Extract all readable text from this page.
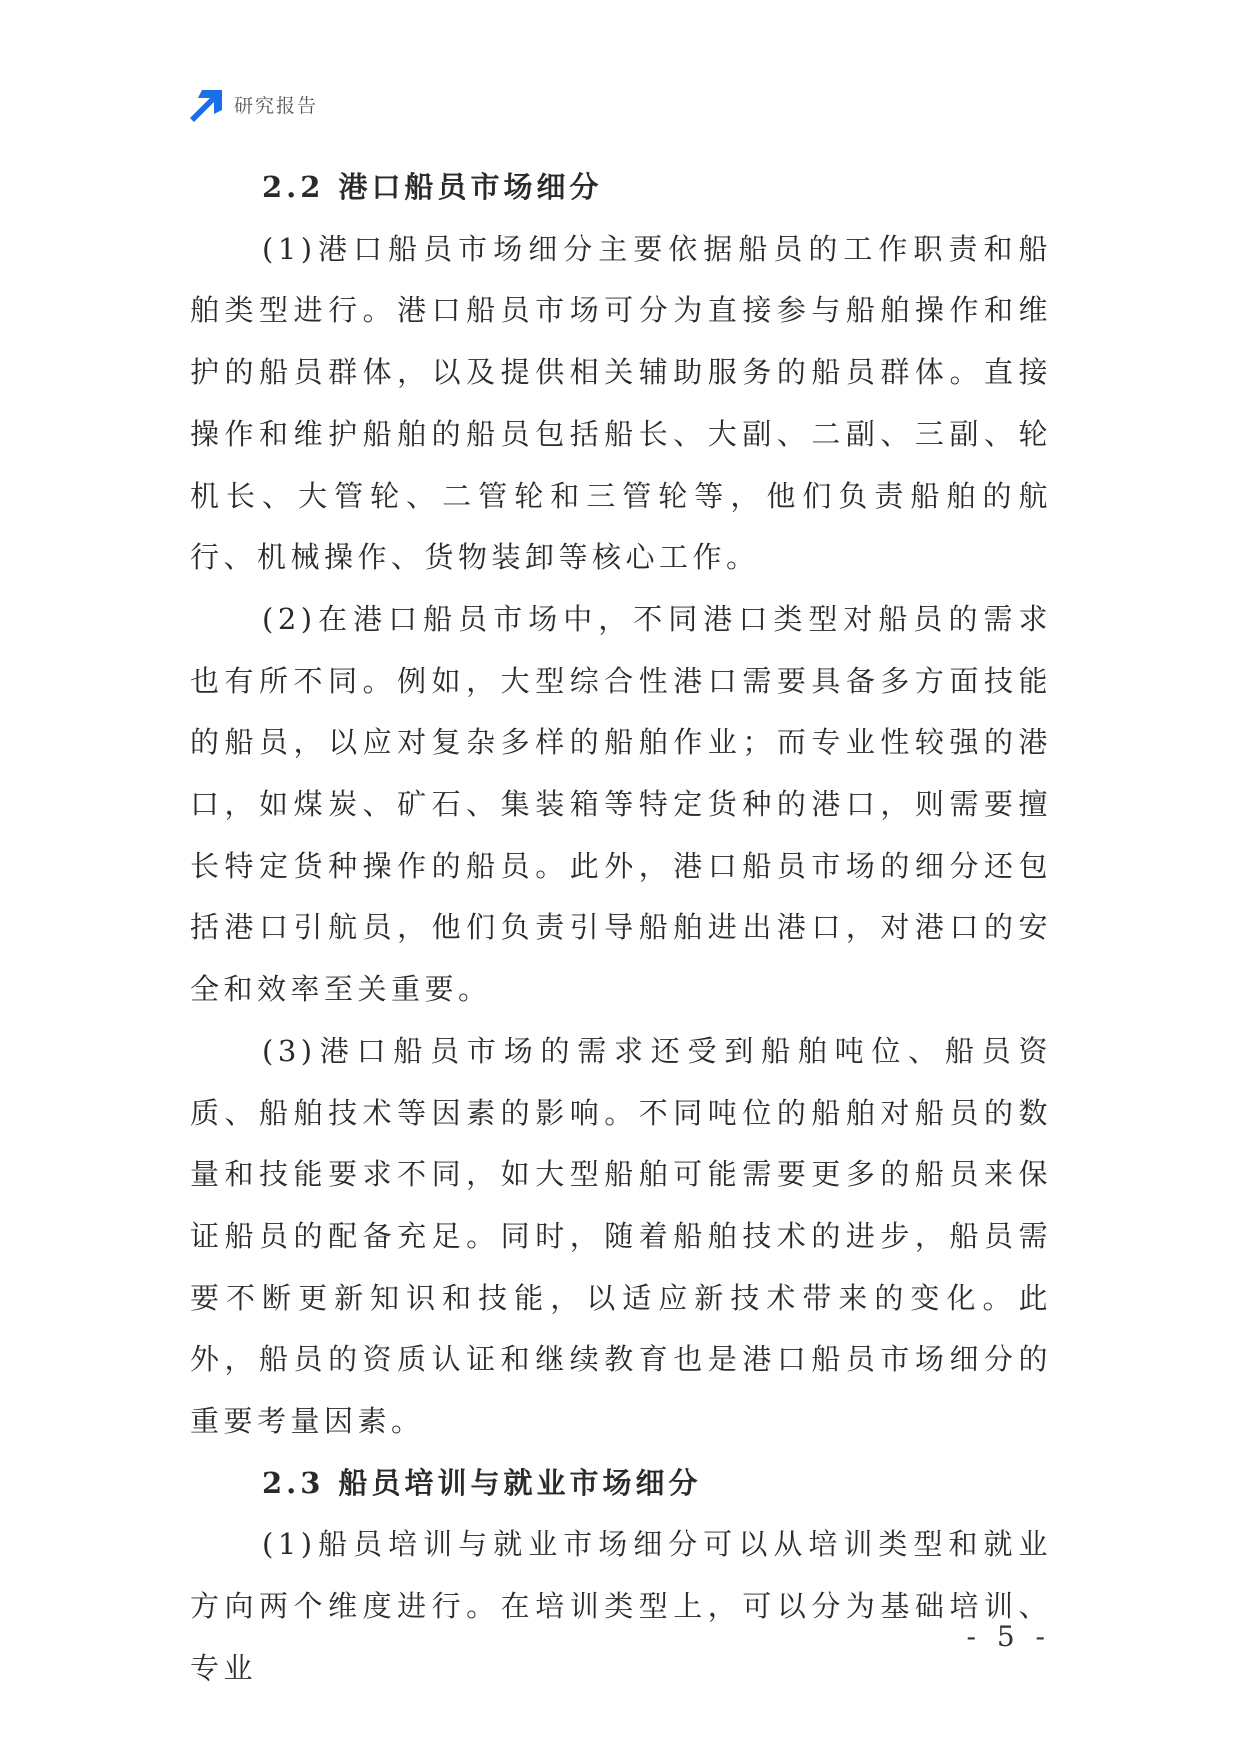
研究报告
2.2 港口船员市场细分

(1)港口船员市场细分主要依据船员的工作职责和船舶类型进行。港口船员市场可分为直接参与船舶操作和维护的船员群体，以及提供相关辅助服务的船员群体。直接操作和维护船舶的船员包括船长、大副、二副、三副、轮机长、大管轮、二管轮和三管轮等，他们负责船舶的航行、机械操作、货物装卸等核心工作。

(2)在港口船员市场中，不同港口类型对船员的需求也有所不同。例如，大型综合性港口需要具备多方面技能的船员，以应对复杂多样的船舶作业；而专业性较强的港口，如煤炭、矿石、集装箱等特定货种的港口，则需要擅长特定货种操作的船员。此外，港口船员市场的细分还包括港口引航员，他们负责引导船舶进出港口，对港口的安全和效率至关重要。

(3)港口船员市场的需求还受到船舶吨位、船员资质、船舶技术等因素的影响。不同吨位的船舶对船员的数量和技能要求不同，如大型船舶可能需要更多的船员来保证船员的配备充足。同时，随着船舶技术的进步，船员需要不断更新知识和技能，以适应新技术带来的变化。此外，船员的资质认证和继续教育也是港口船员市场细分的重要考量因素。

2.3 船员培训与就业市场细分

(1)船员培训与就业市场细分可以从培训类型和就业方向两个维度进行。在培训类型上，可以分为基础培训、专业

- 5 -
